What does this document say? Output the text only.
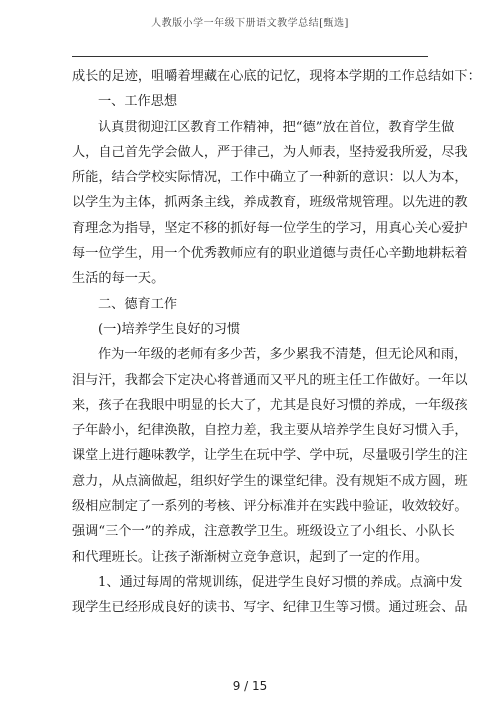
人教版小学一年级下册语文教学总结[甄选]
成长的足迹，咀嚼着埋藏在心底的记忆，现将本学期的工作总结如下：
一、工作思想
认真贯彻迎江区教育工作精神，把“德”放在首位，教育学生做
人，自己首先学会做人，严于律己，为人师表，坚持爱我所爱，尽我
所能，结合学校实际情况，工作中确立了一种新的意识：以人为本，
以学生为主体，抓两条主线，养成教育，班级常规管理。以先进的教
育理念为指导，坚定不移的抓好每一位学生的学习，用真心关心爱护
每一位学生，用一个优秀教师应有的职业道德与责任心辛勤地耕耘着
生活的每一天。
二、德育工作
(一)培养学生良好的习惯
作为一年级的老师有多少苦，多少累我不清楚，但无论风和雨，
泪与汗，我都会下定决心将普通而又平凡的班主任工作做好。一年以
来，孩子在我眼中明显的长大了，尤其是良好习惯的养成，一年级孩
子年龄小，纪律涣散，自控力差，我主要从培养学生良好习惯入手，
课堂上进行趣味教学，让学生在玩中学、学中玩，尽量吸引学生的注
意力，从点滴做起，组织好学生的课堂纪律。没有规矩不成方圆，班
级相应制定了一系列的考核、评分标准并在实践中验证，收效较好。
强调“三个一”的养成，注意教学卫生。班级设立了小组长、小队长
和代理班长。让孩子渐渐树立竞争意识，起到了一定的作用。
1、通过每周的常规训练，促进学生良好习惯的养成。点滴中发
现学生已经形成良好的读书、写字、纪律卫生等习惯。通过班会、品
9 / 15
